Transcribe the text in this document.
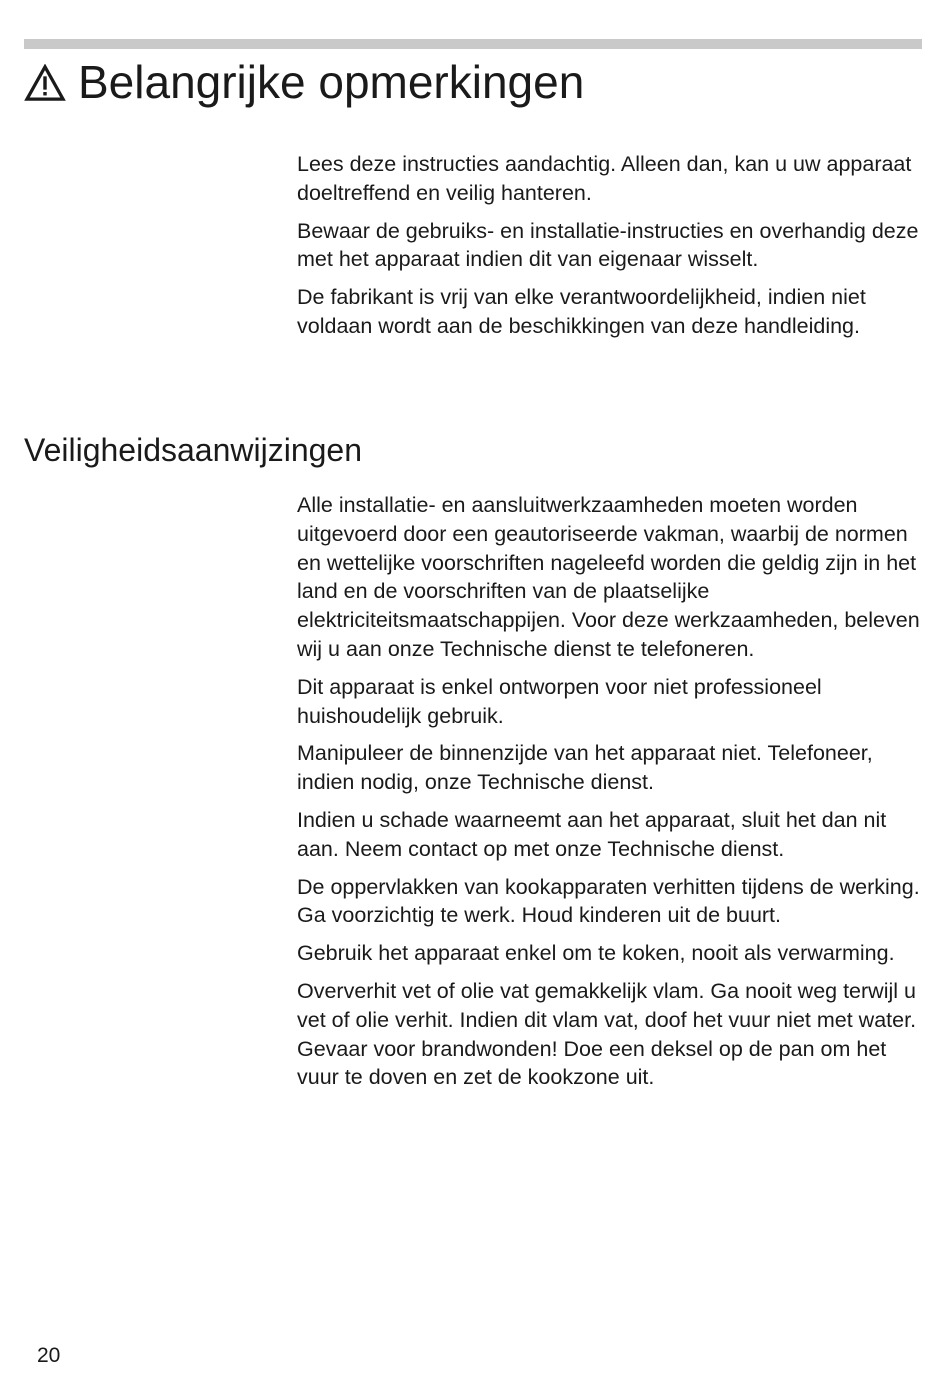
Belangrijke opmerkingen

Lees deze instructies aandachtig. Alleen dan, kan u uw apparaat doeltreffend en veilig hanteren.

Bewaar de gebruiks- en installatie-instructies en overhandig deze met het apparaat indien dit van eigenaar wisselt.

De fabrikant is vrij van elke verantwoordelijkheid, indien niet voldaan wordt aan de beschikkingen van deze handleiding.

Veiligheidsaanwijzingen

Alle installatie- en aansluitwerkzaamheden moeten worden uitgevoerd door een geautoriseerde vakman, waarbij de normen en wettelijke voorschriften nageleefd worden die geldig zijn in het land en de voorschriften van de plaatselijke elektriciteitsmaatschappijen. Voor deze werkzaamheden, beleven wij u aan onze Technische dienst te telefoneren.

Dit apparaat is enkel ontworpen voor niet professioneel huishoudelijk gebruik.

Manipuleer de binnenzijde van het apparaat niet. Telefoneer, indien nodig, onze Technische dienst.

Indien u schade waarneemt aan het apparaat, sluit het dan nit aan. Neem contact op met onze Technische dienst.

De oppervlakken van kookapparaten verhitten tijdens de werking. Ga voorzichtig te werk. Houd kinderen uit de buurt.

Gebruik het apparaat enkel om te koken, nooit als verwarming.

Oververhit vet of olie vat gemakkelijk vlam. Ga nooit weg terwijl u vet of olie verhit. Indien dit vlam vat, doof het vuur niet met water. Gevaar voor brandwonden! Doe een deksel op de pan om het vuur te doven en zet de kookzone uit.

20
